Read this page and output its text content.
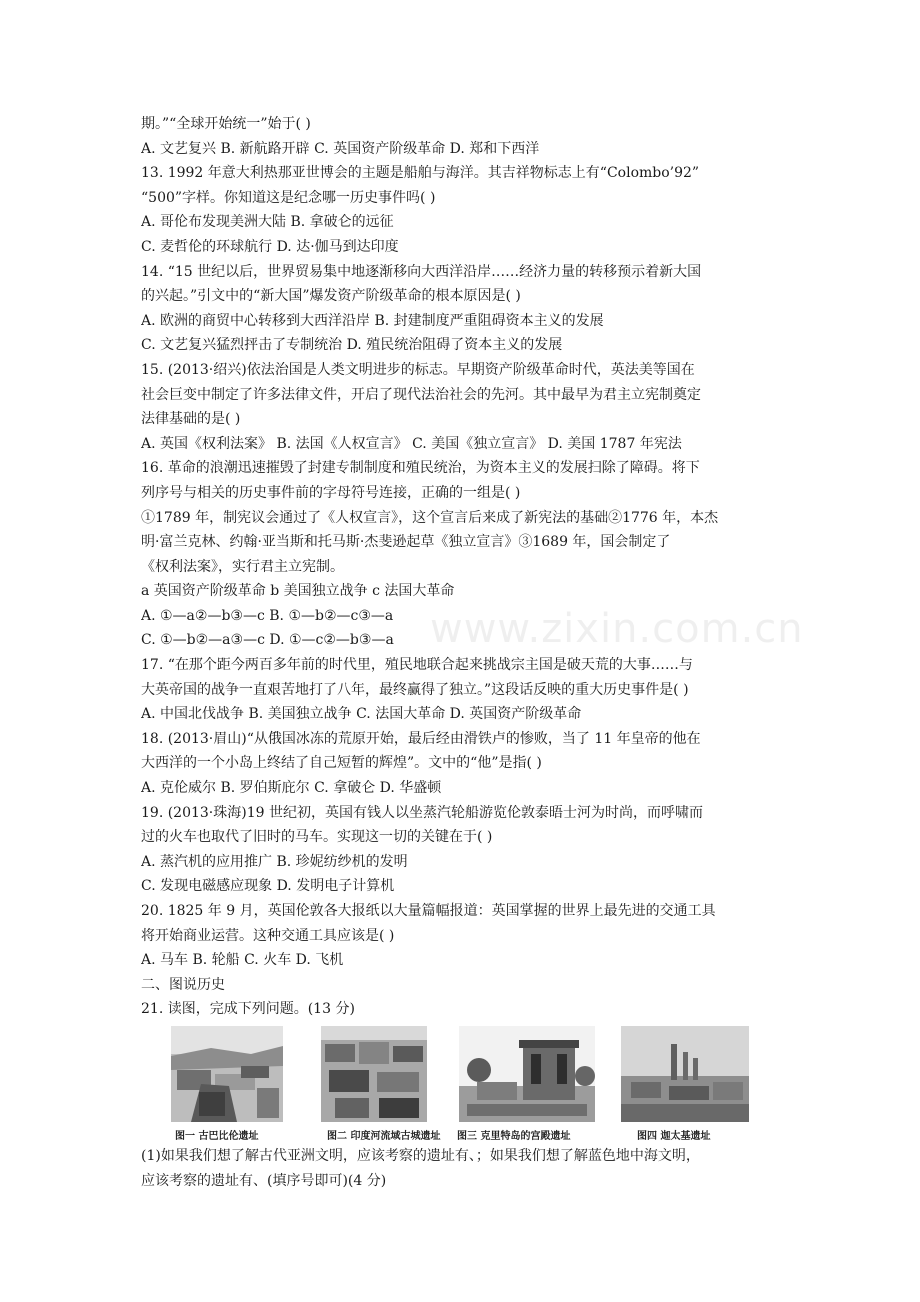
www.zixin.com.cn
期。”“全球开始统一”始于( )
A. 文艺复兴 B. 新航路开辟 C. 英国资产阶级革命 D. 郑和下西洋
13. 1992 年意大利热那亚世博会的主题是船舶与海洋。其吉祥物标志上有“Colombo’92”
“500”字样。你知道这是纪念哪一历史事件吗( )
A. 哥伦布发现美洲大陆 B. 拿破仑的远征
C. 麦哲伦的环球航行 D. 达·伽马到达印度
14. “15 世纪以后，世界贸易集中地逐渐移向大西洋沿岸……经济力量的转移预示着新大国
的兴起。”引文中的“新大国”爆发资产阶级革命的根本原因是( )
A. 欧洲的商贸中心转移到大西洋沿岸 B. 封建制度严重阻碍资本主义的发展
C. 文艺复兴猛烈抨击了专制统治 D. 殖民统治阻碍了资本主义的发展
15. (2013·绍兴)依法治国是人类文明进步的标志。早期资产阶级革命时代，英法美等国在
社会巨变中制定了许多法律文件，开启了现代法治社会的先河。其中最早为君主立宪制奠定
法律基础的是( )
A. 英国《权利法案》 B. 法国《人权宣言》 C. 美国《独立宣言》 D. 美国 1787 年宪法
16. 革命的浪潮迅速摧毁了封建专制制度和殖民统治，为资本主义的发展扫除了障碍。将下
列序号与相关的历史事件前的字母符号连接，正确的一组是( )
①1789 年，制宪议会通过了《人权宣言》，这个宣言后来成了新宪法的基础②1776 年，本杰
明·富兰克林、约翰·亚当斯和托马斯·杰斐逊起草《独立宣言》③1689 年，国会制定了
《权利法案》，实行君主立宪制。
a 英国资产阶级革命 b 美国独立战争 c 法国大革命
A. ①—a②—b③—c B. ①—b②—c③—a
C. ①—b②—a③—c D. ①—c②—b③—a
17. “在那个距今两百多年前的时代里，殖民地联合起来挑战宗主国是破天荒的大事……与
大英帝国的战争一直艰苦地打了八年，最终赢得了独立。”这段话反映的重大历史事件是( )
A. 中国北伐战争 B. 美国独立战争 C. 法国大革命 D. 英国资产阶级革命
18. (2013·眉山)“从俄国冰冻的荒原开始，最后经由滑铁卢的惨败，当了 11 年皇帝的他在
大西洋的一个小岛上终结了自己短暂的辉煌”。文中的“他”是指( )
A. 克伦威尔 B. 罗伯斯庇尔 C. 拿破仑 D. 华盛顿
19. (2013·珠海)19 世纪初，英国有钱人以坐蒸汽轮船游览伦敦泰晤士河为时尚，而呼啸而
过的火车也取代了旧时的马车。实现这一切的关键在于( )
A. 蒸汽机的应用推广 B. 珍妮纺纱机的发明
C. 发现电磁感应现象 D. 发明电子计算机
20. 1825 年 9 月，英国伦敦各大报纸以大量篇幅报道：英国掌握的世界上最先进的交通工具
将开始商业运营。这种交通工具应该是( )
A. 马车 B. 轮船 C. 火车 D. 飞机
二、图说历史
21. 读图，完成下列问题。(13 分)
图一 古巴比伦遗址	图二 印度河流域古城遗址 图三 克里特岛的宫殿遗址	图四 迦太基遗址
(1)如果我们想了解古代亚洲文明，应该考察的遗址有、；如果我们想了解蓝色地中海文明，
应该考察的遗址有、(填序号即可)(4 分)
